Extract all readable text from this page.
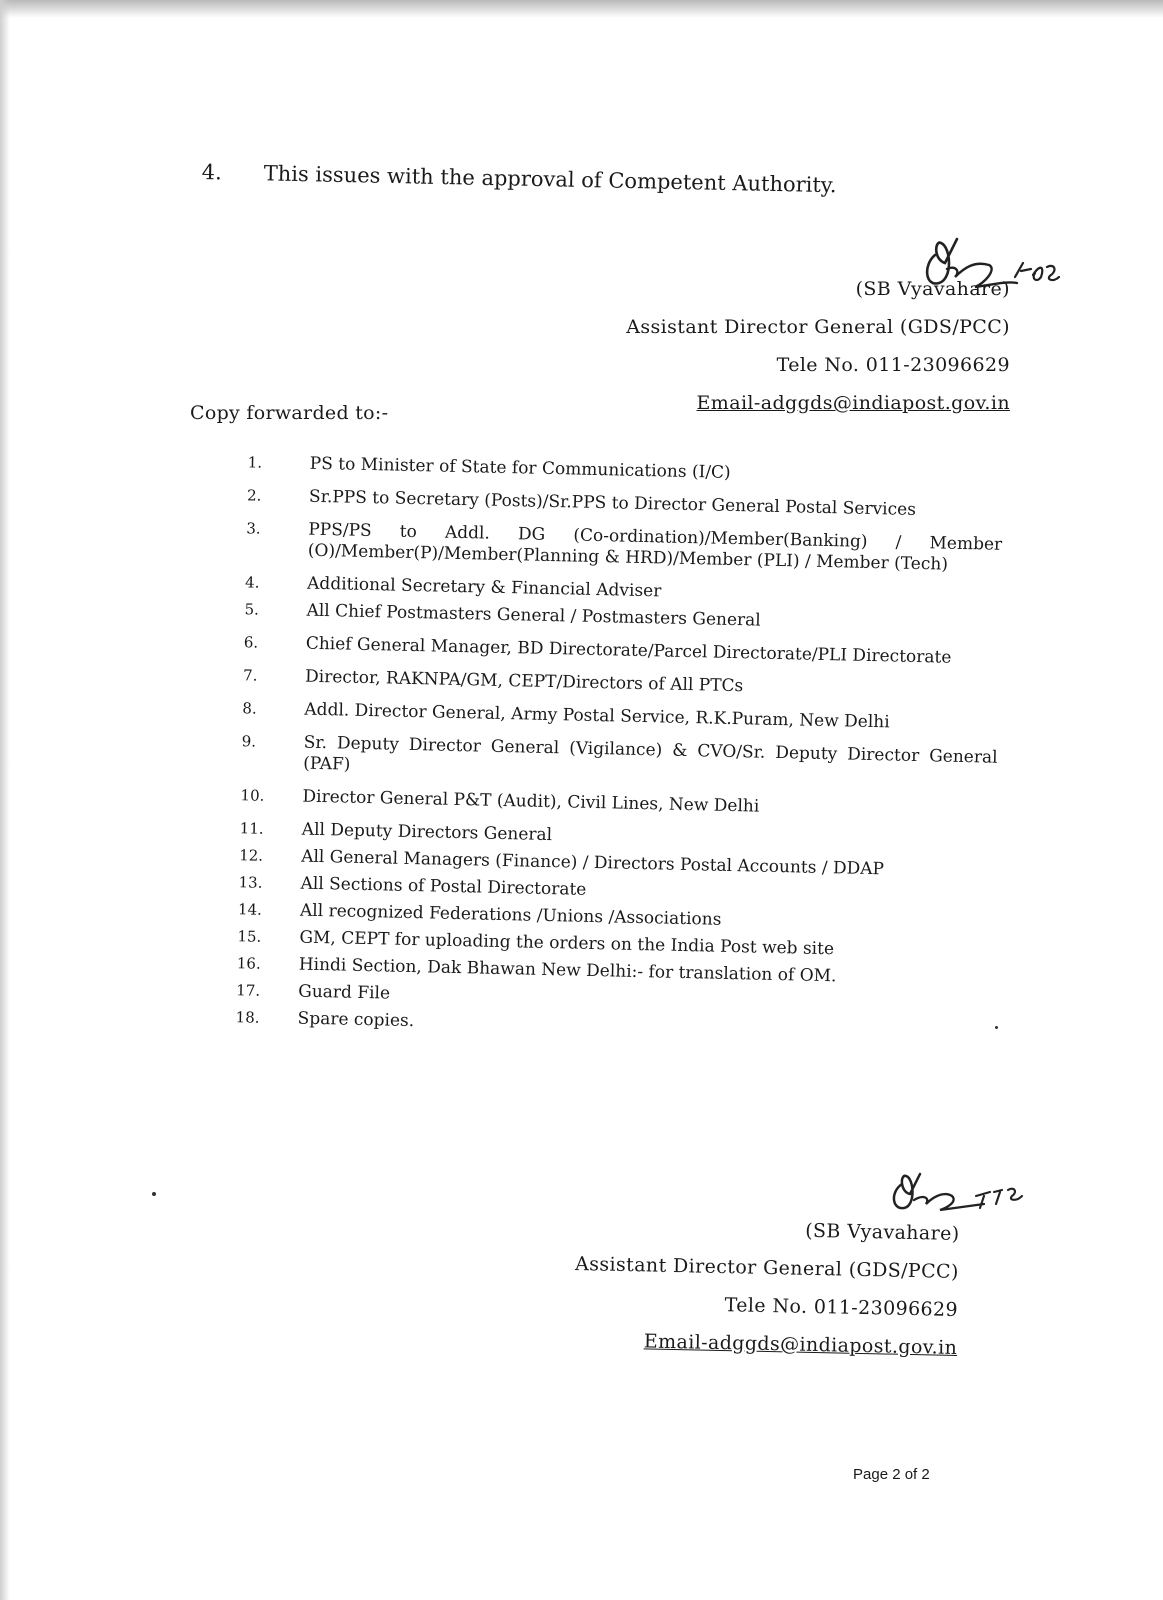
4. This issues with the approval of Competent Authority.
(SB Vyavahare)
Assistant Director General (GDS/PCC)
Tele No. 011-23096629
Email-adggds@indiapost.gov.in
Copy forwarded to:-
1.	PS to Minister of State for Communications (I/C)
2.	Sr.PPS to Secretary (Posts)/Sr.PPS to Director General Postal Services
3.	PPS/PS to Addl. DG (Co-ordination)/Member(Banking) / Member (O)/Member(P)/Member(Planning & HRD)/Member (PLI) / Member (Tech)
4.	Additional Secretary & Financial Adviser
5.	All Chief Postmasters General / Postmasters General
6.	Chief General Manager, BD Directorate/Parcel Directorate/PLI Directorate
7.	Director, RAKNPA/GM, CEPT/Directors of All PTCs
8.	Addl. Director General, Army Postal Service, R.K.Puram, New Delhi
9.	Sr. Deputy Director General (Vigilance) & CVO/Sr. Deputy Director General (PAF)
10.	Director General P&T (Audit), Civil Lines, New Delhi
11.	All Deputy Directors General
12.	All General Managers (Finance) / Directors Postal Accounts / DDAP
13.	All Sections of Postal Directorate
14.	All recognized Federations /Unions /Associations
15.	GM, CEPT for uploading the orders on the India Post web site
16.	Hindi Section, Dak Bhawan New Delhi:- for translation of OM.
17.	Guard File
18.	Spare copies.
(SB Vyavahare)
Assistant Director General (GDS/PCC)
Tele No. 011-23096629
Email-adggds@indiapost.gov.in
Page 2 of 2
